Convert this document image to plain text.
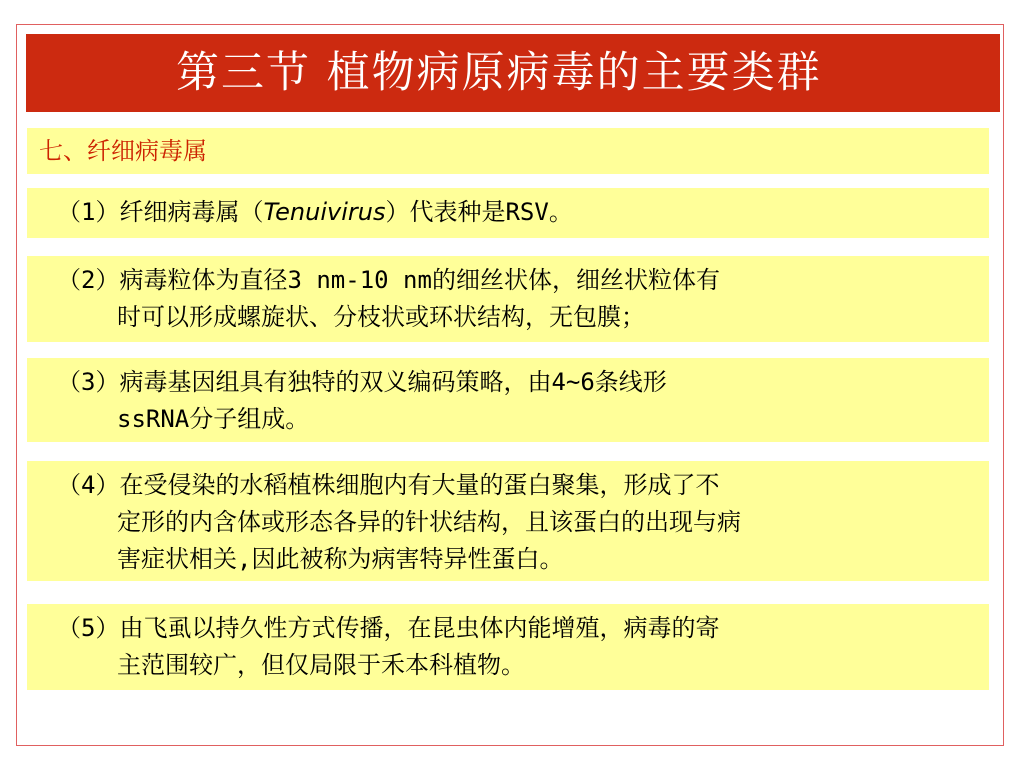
第三节 植物病原病毒的主要类群
七、纤细病毒属
（1）纤细病毒属（Tenuivirus）代表种是RSV。
（2）病毒粒体为直径3 nm-10 nm的细丝状体，细丝状粒体有
时可以形成螺旋状、分枝状或环状结构，无包膜；
（3）病毒基因组具有独特的双义编码策略，由4~6条线形
ssRNA分子组成。
（4）在受侵染的水稻植株细胞内有大量的蛋白聚集，形成了不
定形的内含体或形态各异的针状结构，且该蛋白的出现与病
害症状相关,因此被称为病害特异性蛋白。
（5）由飞虱以持久性方式传播，在昆虫体内能增殖，病毒的寄
主范围较广，但仅局限于禾本科植物。
